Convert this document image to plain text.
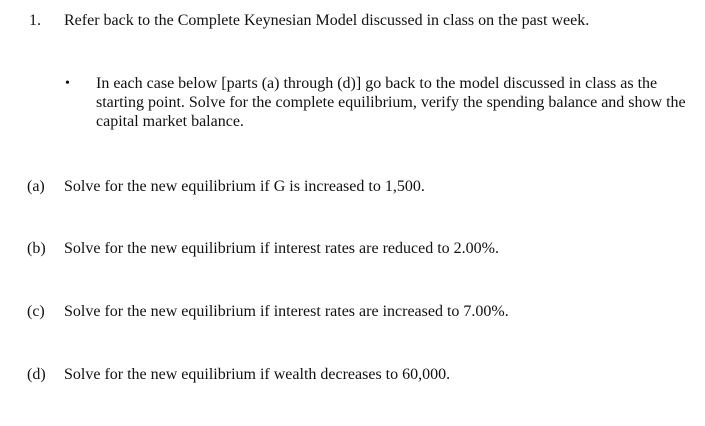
1. Refer back to the Complete Keynesian Model discussed in class on the past week.
• In each case below [parts (a) through (d)] go back to the model discussed in class as the starting point. Solve for the complete equilibrium, verify the spending balance and show the capital market balance.
(a) Solve for the new equilibrium if G is increased to 1,500.
(b) Solve for the new equilibrium if interest rates are reduced to 2.00%.
(c) Solve for the new equilibrium if interest rates are increased to 7.00%.
(d) Solve for the new equilibrium if wealth decreases to 60,000.
